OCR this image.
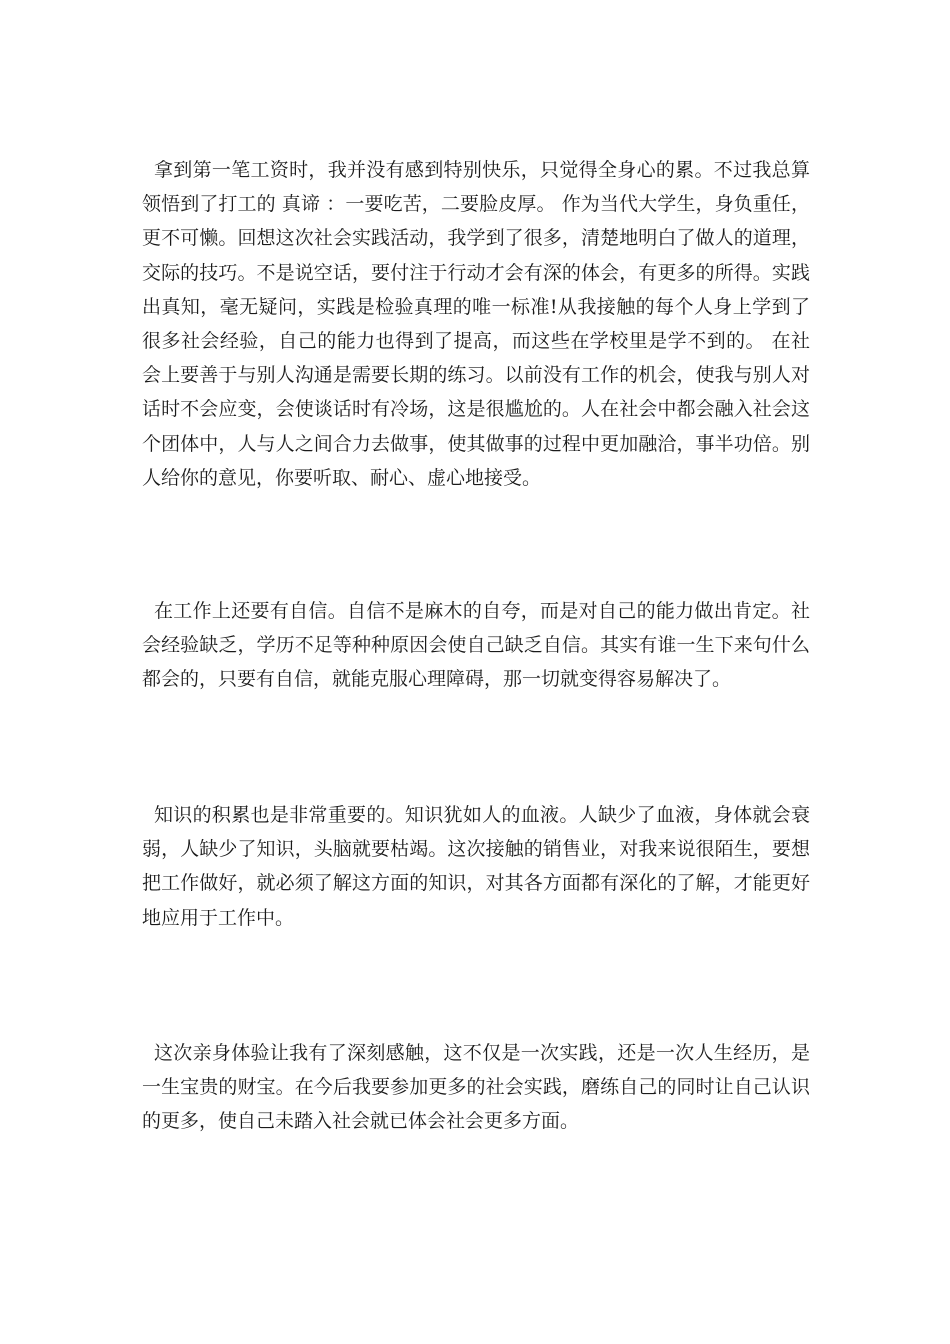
拿到第一笔工资时，我并没有感到特别快乐，只觉得全身心的累。不过我总算领悟到了打工的 真谛 ：一要吃苦，二要脸皮厚。 作为当代大学生，身负重任，更不可懒。回想这次社会实践活动，我学到了很多，清楚地明白了做人的道理，交际的技巧。不是说空话，要付注于行动才会有深的体会，有更多的所得。实践出真知，毫无疑问，实践是检验真理的唯一标准!从我接触的每个人身上学到了很多社会经验，自己的能力也得到了提高，而这些在学校里是学不到的。 在社会上要善于与别人沟通是需要长期的练习。以前没有工作的机会，使我与别人对话时不会应变，会使谈话时有冷场，这是很尴尬的。人在社会中都会融入社会这个团体中，人与人之间合力去做事，使其做事的过程中更加融洽，事半功倍。别人给你的意见，你要听取、耐心、虚心地接受。

在工作上还要有自信。自信不是麻木的自夸，而是对自己的能力做出肯定。社会经验缺乏，学历不足等种种原因会使自己缺乏自信。其实有谁一生下来句什么都会的，只要有自信，就能克服心理障碍，那一切就变得容易解决了。

知识的积累也是非常重要的。知识犹如人的血液。人缺少了血液，身体就会衰弱，人缺少了知识，头脑就要枯竭。这次接触的销售业，对我来说很陌生，要想把工作做好，就必须了解这方面的知识，对其各方面都有深化的了解，才能更好地应用于工作中。

这次亲身体验让我有了深刻感触，这不仅是一次实践，还是一次人生经历，是一生宝贵的财宝。在今后我要参加更多的社会实践，磨练自己的同时让自己认识的更多，使自己未踏入社会就已体会社会更多方面。
